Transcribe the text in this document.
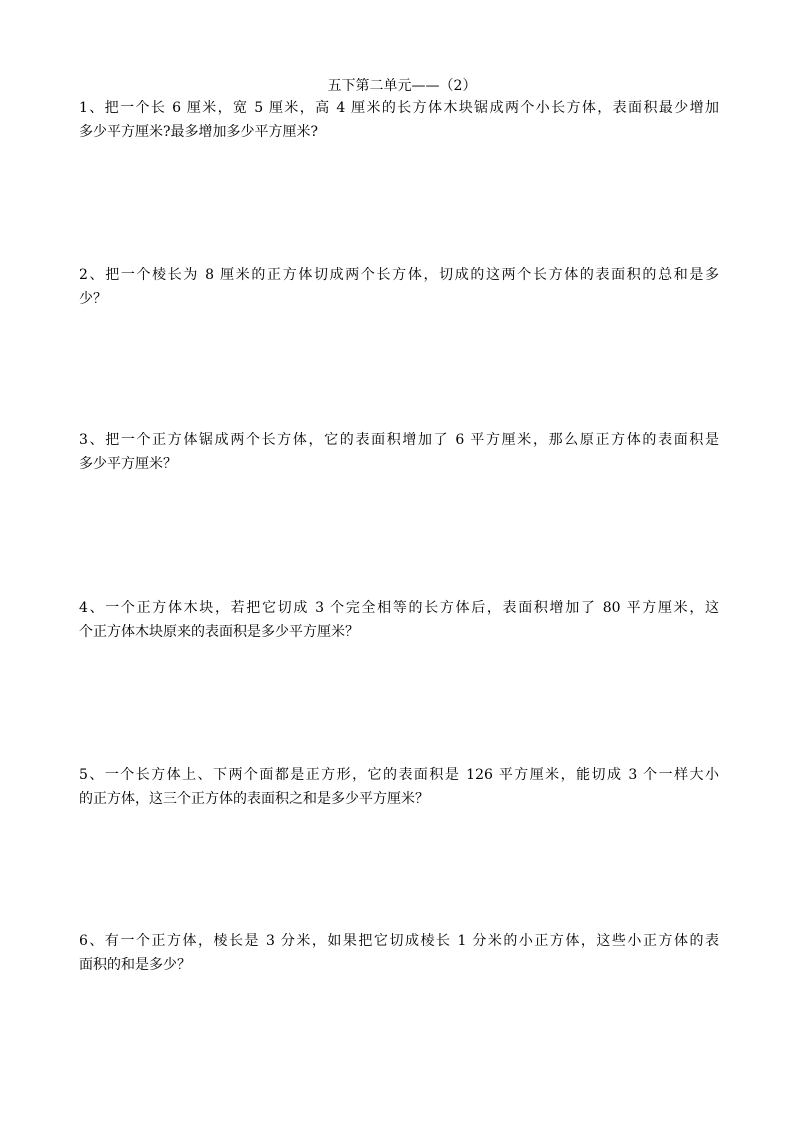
五下第二单元——（2）
1、把一个长 6 厘米，宽 5 厘米，高 4 厘米的长方体木块锯成两个小长方体，表面积最少增加
多少平方厘米?最多增加多少平方厘米?
2、把一个棱长为 8 厘米的正方体切成两个长方体，切成的这两个长方体的表面积的总和是多
少？
3、把一个正方体锯成两个长方体，它的表面积增加了 6 平方厘米，那么原正方体的表面积是
多少平方厘米？
4、一个正方体木块，若把它切成 3 个完全相等的长方体后，表面积增加了 80 平方厘米，这
个正方体木块原来的表面积是多少平方厘米？
5、一个长方体上、下两个面都是正方形，它的表面积是 126 平方厘米，能切成 3 个一样大小
的正方体，这三个正方体的表面积之和是多少平方厘米？
6、有一个正方体，棱长是 3 分米，如果把它切成棱长 1 分米的小正方体，这些小正方体的表
面积的和是多少？
